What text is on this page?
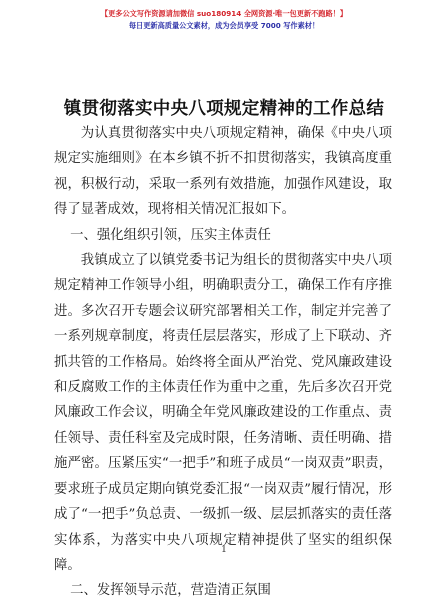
【更多公文写作资源请加微信 suo180914 全网资源·唯一包更新不跑路！】
每日更新高质量公文素材，成为会员享受 7000 写作素材！
镇贯彻落实中央八项规定精神的工作总结

为认真贯彻落实中央八项规定精神，确保《中央八项规定实施细则》在本乡镇不折不扣贯彻落实，我镇高度重视，积极行动，采取一系列有效措施，加强作风建设，取得了显著成效，现将相关情况汇报如下。

一、强化组织引领，压实主体责任

我镇成立了以镇党委书记为组长的贯彻落实中央八项规定精神工作领导小组，明确职责分工，确保工作有序推进。多次召开专题会议研究部署相关工作，制定并完善了一系列规章制度，将责任层层落实，形成了上下联动、齐抓共管的工作格局。始终将全面从严治党、党风廉政建设和反腐败工作的主体责任作为重中之重，先后多次召开党风廉政工作会议，明确全年党风廉政建设的工作重点、责任领导、责任科室及完成时限，任务清晰、责任明确、措施严密。压紧压实“一把手”和班子成员“一岗双责”职责，要求班子成员定期向镇党委汇报“一岗双责”履行情况，形成了“一把手”负总责、一级抓一级、层层抓落实的责任落实体系，为落实中央八项规定精神提供了坚实的组织保障。

二、发挥领导示范，营造清正氛围

1
